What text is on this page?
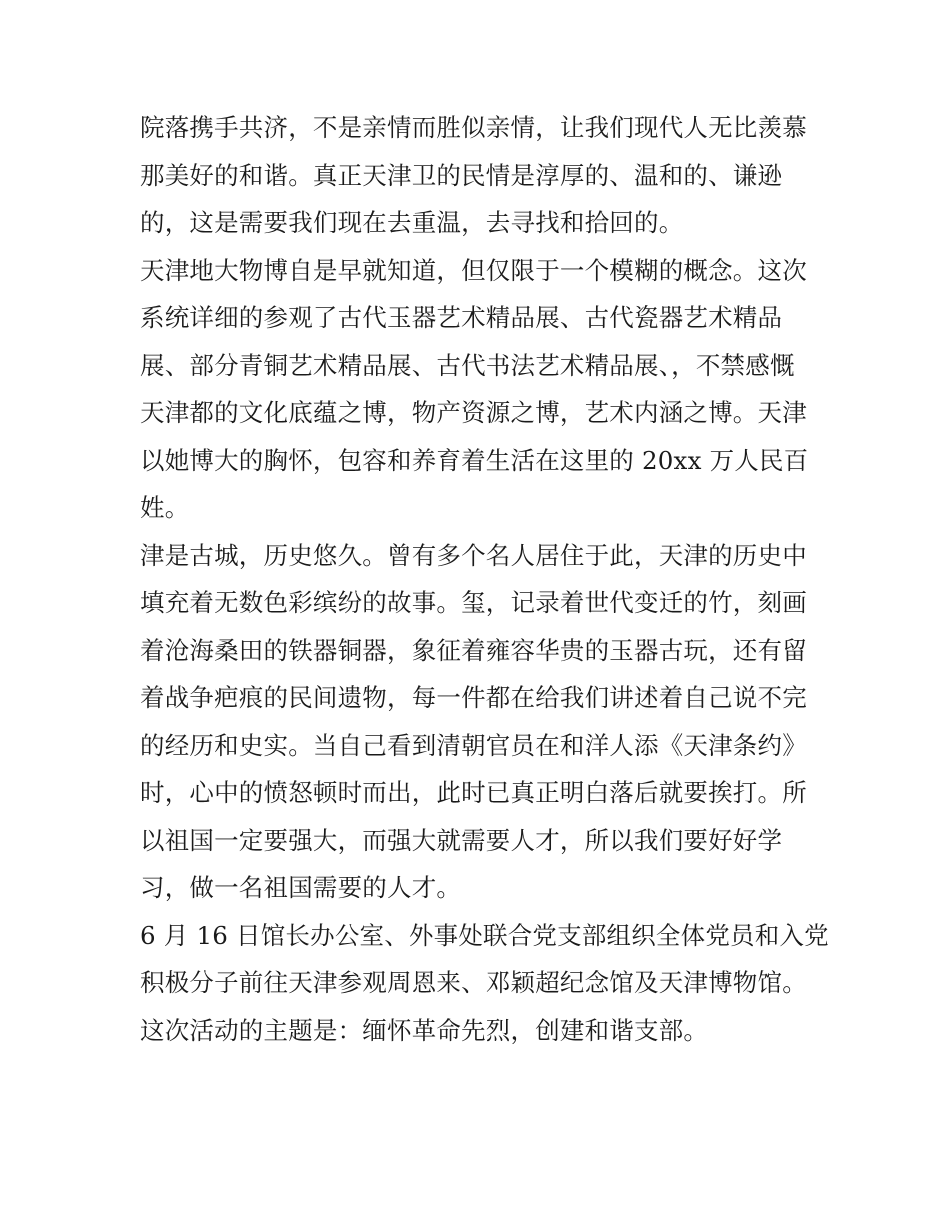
院落携手共济，不是亲情而胜似亲情，让我们现代人无比羡慕
那美好的和谐。真正天津卫的民情是淳厚的、温和的、谦逊
的，这是需要我们现在去重温，去寻找和拾回的。
天津地大物博自是早就知道，但仅限于一个模糊的概念。这次
系统详细的参观了古代玉器艺术精品展、古代瓷器艺术精品
展、部分青铜艺术精品展、古代书法艺术精品展、，不禁感慨
天津都的文化底蕴之博，物产资源之博，艺术内涵之博。天津
以她博大的胸怀，包容和养育着生活在这里的 20xx 万人民百
姓。
津是古城，历史悠久。曾有多个名人居住于此，天津的历史中
填充着无数色彩缤纷的故事。玺，记录着世代变迁的竹，刻画
着沧海桑田的铁器铜器，象征着雍容华贵的玉器古玩，还有留
着战争疤痕的民间遗物，每一件都在给我们讲述着自己说不完
的经历和史实。当自己看到清朝官员在和洋人添《天津条约》
时，心中的愤怒顿时而出，此时已真正明白落后就要挨打。所
以祖国一定要强大，而强大就需要人才，所以我们要好好学
习，做一名祖国需要的人才。
6 月 16 日馆长办公室、外事处联合党支部组织全体党员和入党
积极分子前往天津参观周恩来、邓颖超纪念馆及天津博物馆。
这次活动的主题是：缅怀革命先烈，创建和谐支部。
